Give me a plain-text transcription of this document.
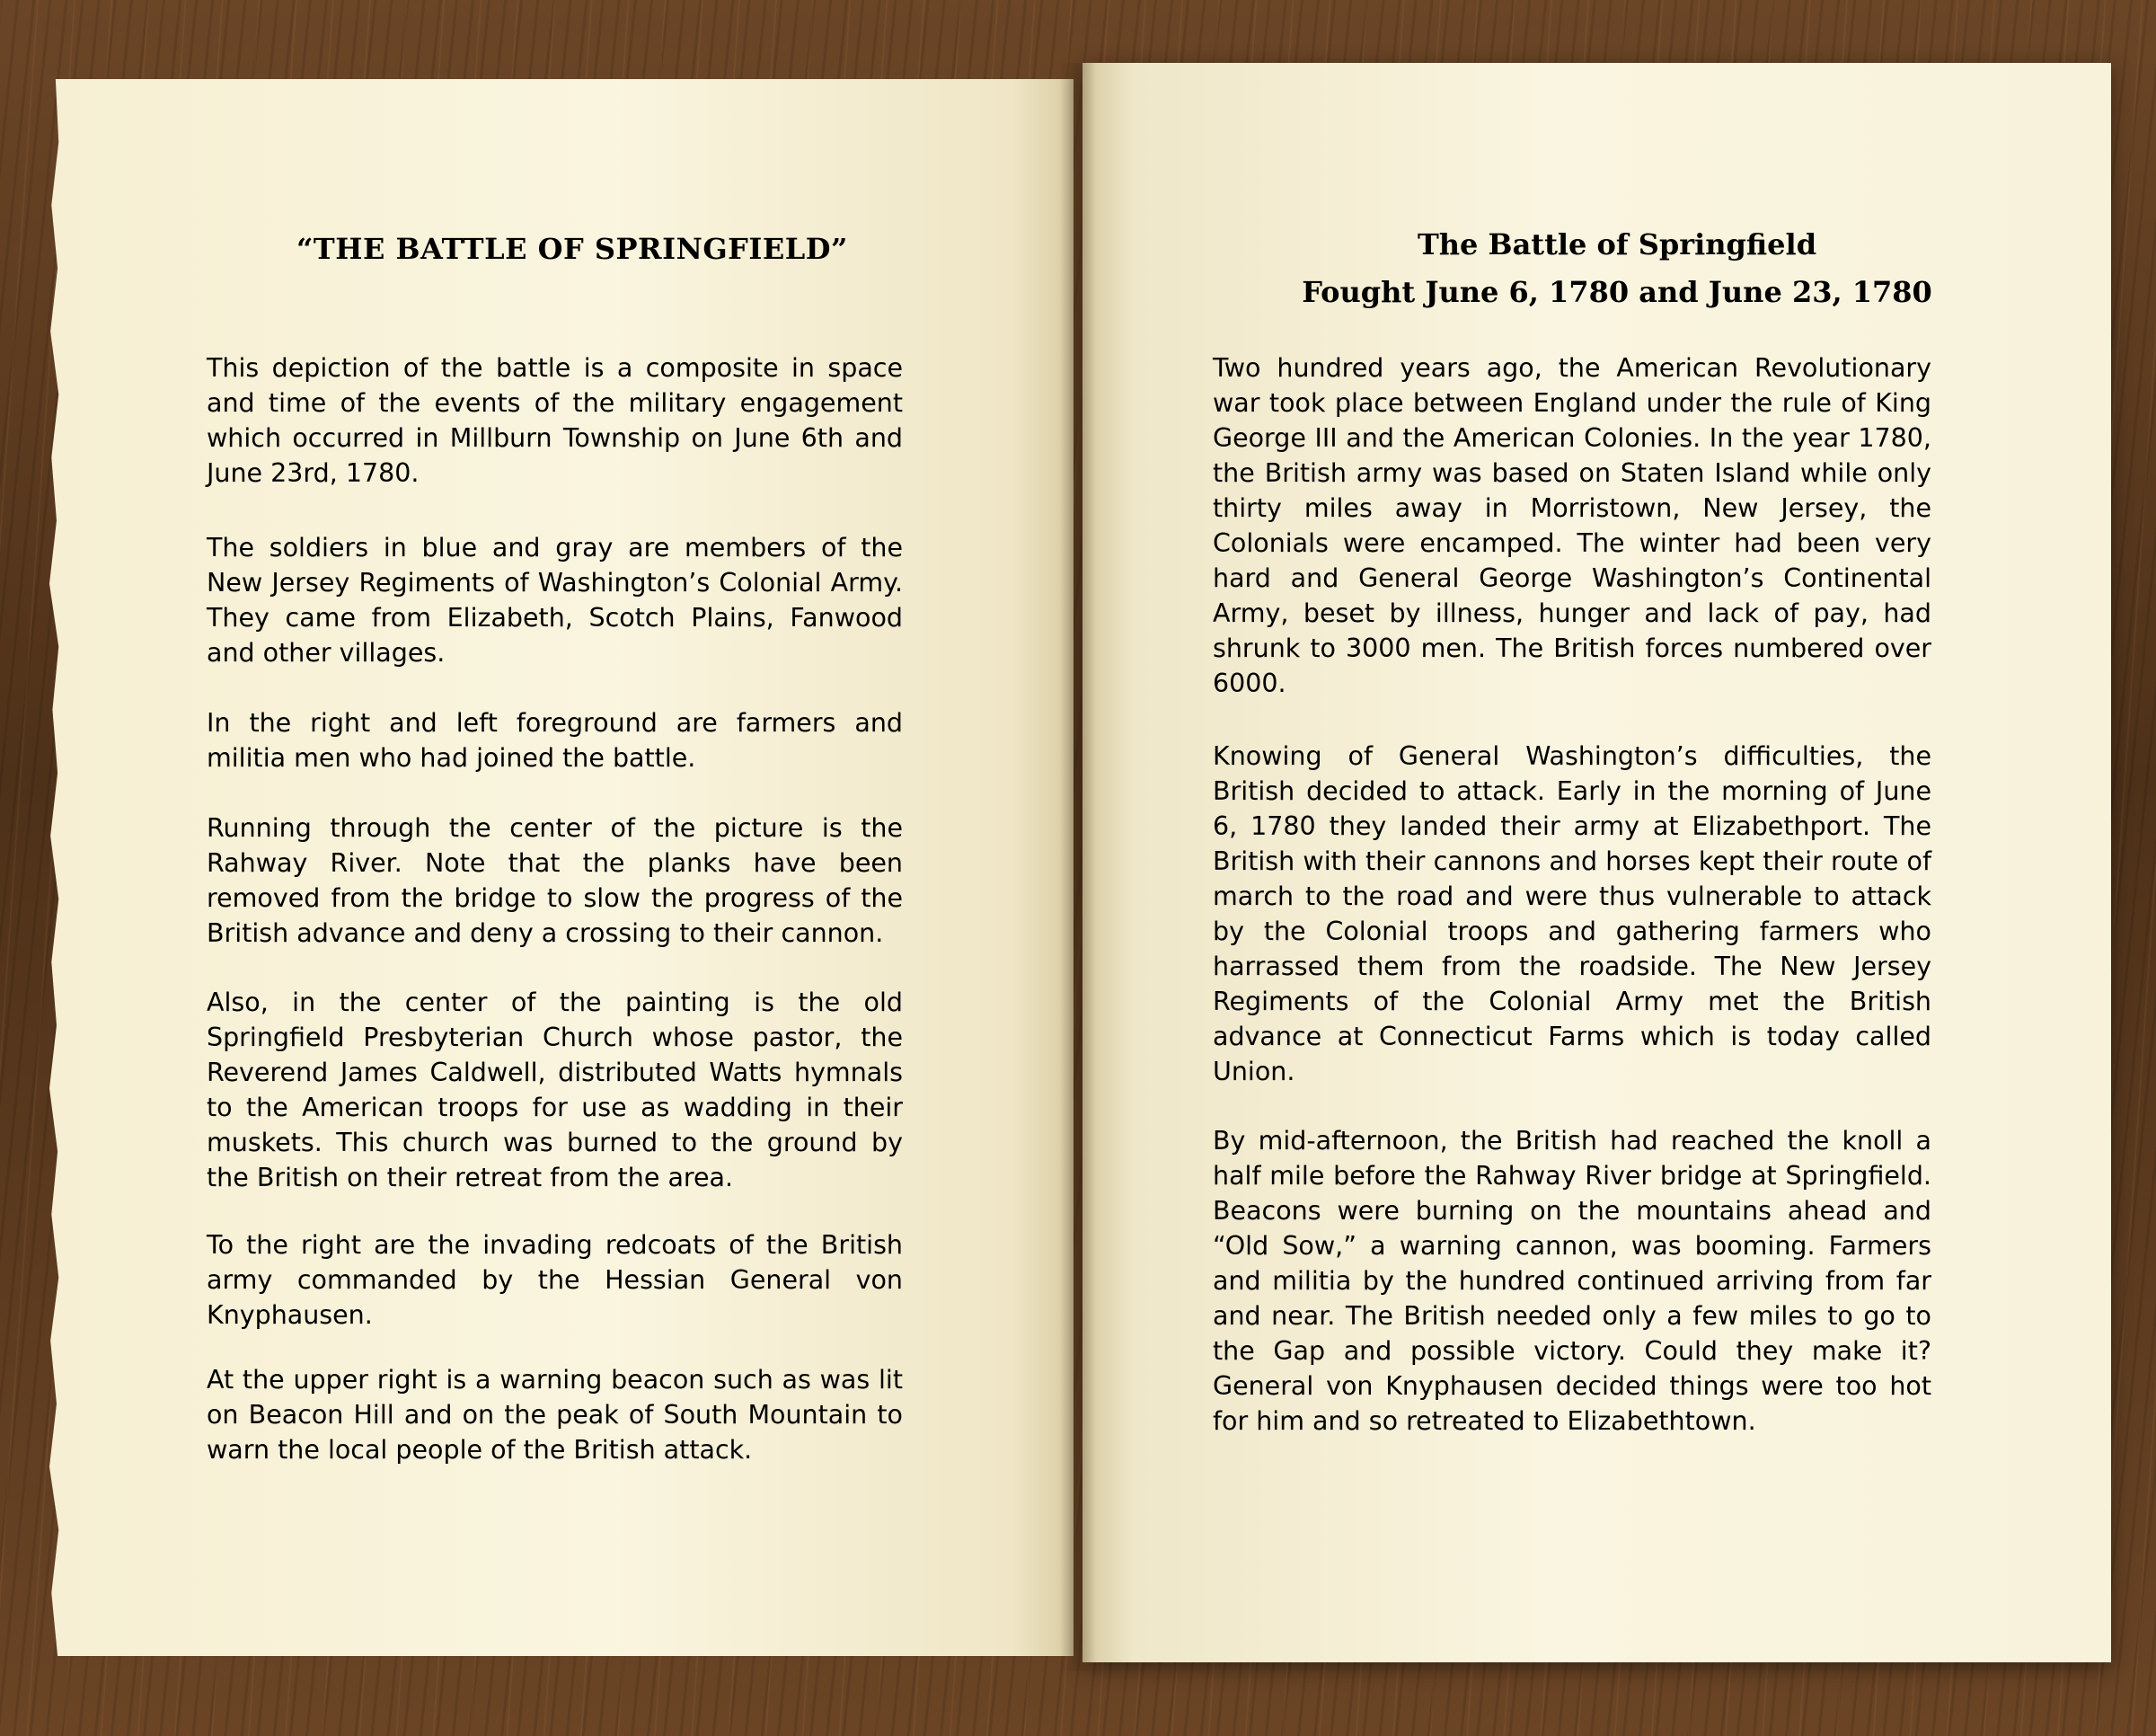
“THE BATTLE OF SPRINGFIELD”

This depiction of the battle is a composite in space and time of the events of the military engagement which occurred in Millburn Township on June 6th and June 23rd, 1780.

The soldiers in blue and gray are members of the New Jersey Regiments of Washington’s Colonial Army. They came from Elizabeth, Scotch Plains, Fanwood and other villages.

In the right and left foreground are farmers and militia men who had joined the battle.

Running through the center of the picture is the Rahway River. Note that the planks have been removed from the bridge to slow the progress of the British advance and deny a crossing to their cannon.

Also, in the center of the painting is the old Springfield Presbyterian Church whose pastor, the Reverend James Caldwell, distributed Watts hymnals to the American troops for use as wadding in their muskets. This church was burned to the ground by the British on their retreat from the area.

To the right are the invading redcoats of the British army commanded by the Hessian General von Knyphausen.

At the upper right is a warning beacon such as was lit on Beacon Hill and on the peak of South Mountain to warn the local people of the British attack.

The Battle of Springfield
Fought June 6, 1780 and June 23, 1780

Two hundred years ago, the American Revolutionary war took place between England under the rule of King George III and the American Colonies. In the year 1780, the British army was based on Staten Island while only thirty miles away in Morristown, New Jersey, the Colonials were encamped. The winter had been very hard and General George Washington’s Continental Army, beset by illness, hunger and lack of pay, had shrunk to 3000 men. The British forces numbered over 6000.

Knowing of General Washington’s difficulties, the British decided to attack. Early in the morning of June 6, 1780 they landed their army at Elizabethport. The British with their cannons and horses kept their route of march to the road and were thus vulnerable to attack by the Colonial troops and gathering farmers who harrassed them from the roadside. The New Jersey Regiments of the Colonial Army met the British advance at Connecticut Farms which is today called Union.

By mid-afternoon, the British had reached the knoll a half mile before the Rahway River bridge at Springfield. Beacons were burning on the mountains ahead and “Old Sow,” a warning cannon, was booming. Farmers and militia by the hundred continued arriving from far and near. The British needed only a few miles to go to the Gap and possible victory. Could they make it? General von Knyphausen decided things were too hot for him and so retreated to Elizabethtown.
